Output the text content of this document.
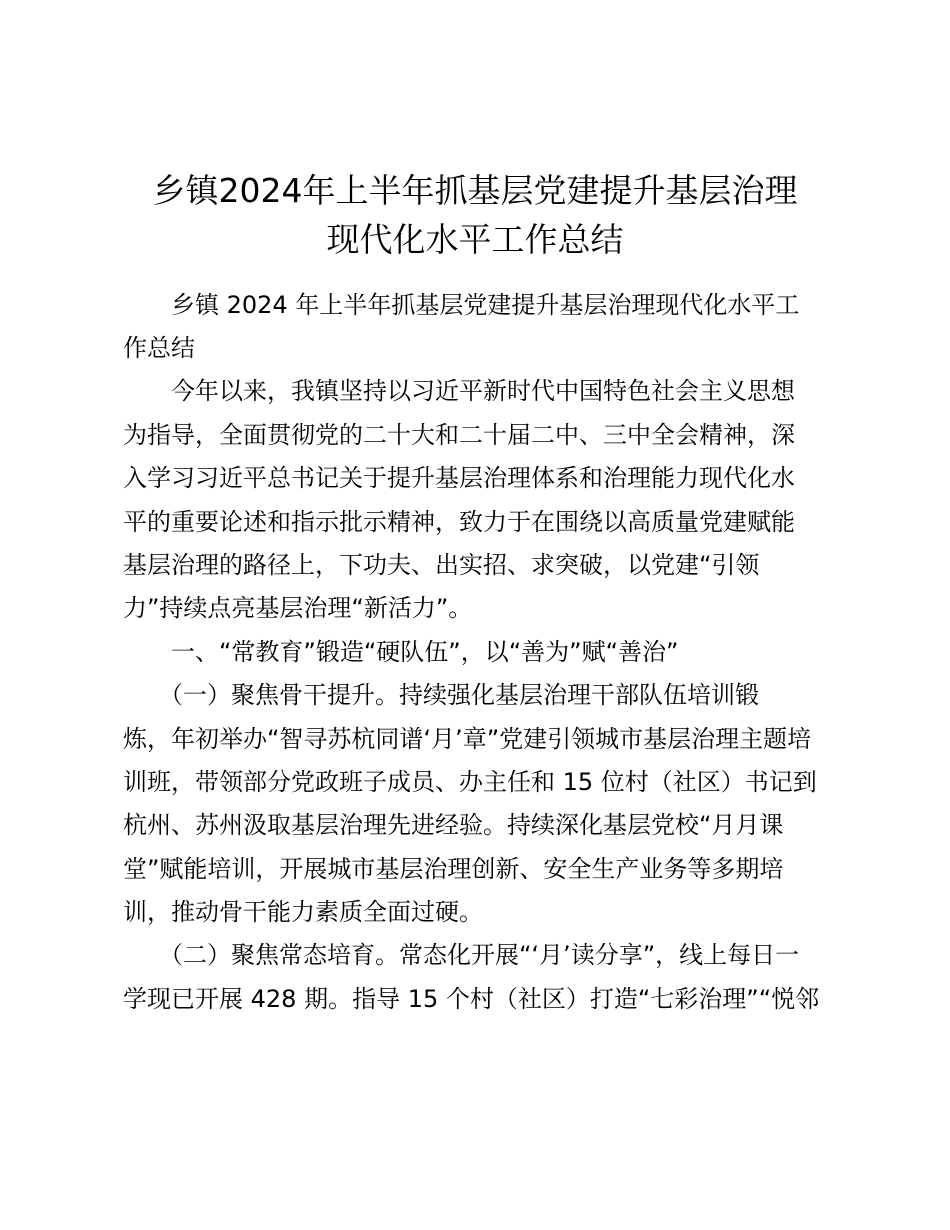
乡镇2024年上半年抓基层党建提升基层治理
现代化水平工作总结
　　乡镇 2024 年上半年抓基层党建提升基层治理现代化水平工
作总结
　　今年以来，我镇坚持以习近平新时代中国特色社会主义思想
为指导，全面贯彻党的二十大和二十届二中、三中全会精神，深
入学习习近平总书记关于提升基层治理体系和治理能力现代化水
平的重要论述和指示批示精神，致力于在围绕以高质量党建赋能
基层治理的路径上，下功夫、出实招、求突破，以党建“引领
力”持续点亮基层治理“新活力”。
　　一、“常教育”锻造“硬队伍”，以“善为”赋“善治”
　　（一）聚焦骨干提升。持续强化基层治理干部队伍培训锻
炼，年初举办“智寻苏杭同谱‘月’章”党建引领城市基层治理主题培
训班，带领部分党政班子成员、办主任和 15 位村（社区）书记到
杭州、苏州汲取基层治理先进经验。持续深化基层党校“月月课
堂”赋能培训，开展城市基层治理创新、安全生产业务等多期培
训，推动骨干能力素质全面过硬。
　　（二）聚焦常态培育。常态化开展“‘月’读分享”，线上每日一
学现已开展 428 期。指导 15 个村（社区）打造“七彩治理”“悦邻
